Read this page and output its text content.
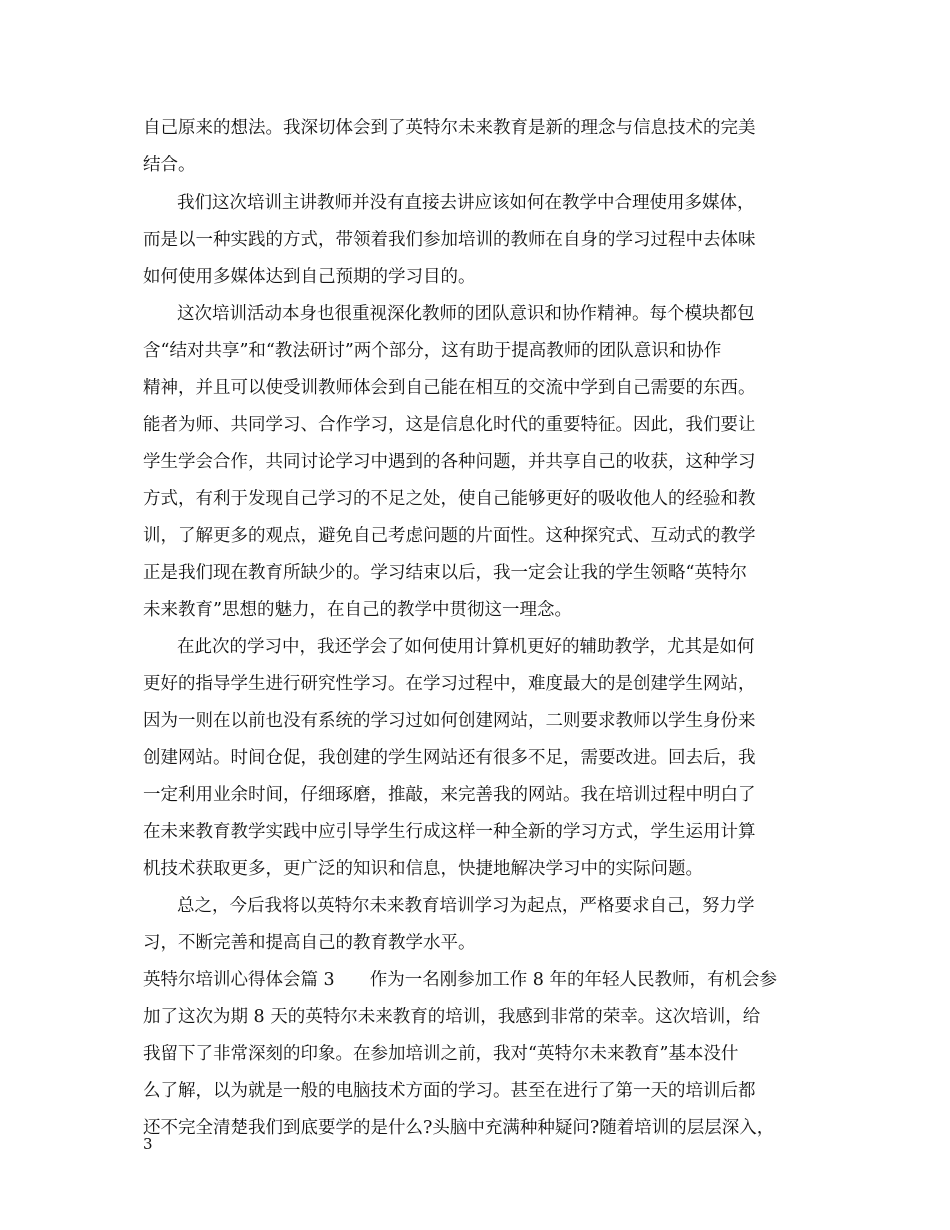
自己原来的想法。我深切体会到了英特尔未来教育是新的理念与信息技术的完美

结合。

我们这次培训主讲教师并没有直接去讲应该如何在教学中合理使用多媒体，

而是以一种实践的方式，带领着我们参加培训的教师在自身的学习过程中去体味

如何使用多媒体达到自己预期的学习目的。

这次培训活动本身也很重视深化教师的团队意识和协作精神。每个模块都包

含“结对共享”和“教法研讨”两个部分，这有助于提高教师的团队意识和协作

精神，并且可以使受训教师体会到自己能在相互的交流中学到自己需要的东西。

能者为师、共同学习、合作学习，这是信息化时代的重要特征。因此，我们要让

学生学会合作，共同讨论学习中遇到的各种问题，并共享自己的收获，这种学习

方式，有利于发现自己学习的不足之处，使自己能够更好的吸收他人的经验和教

训，了解更多的观点，避免自己考虑问题的片面性。这种探究式、互动式的教学

正是我们现在教育所缺少的。学习结束以后，我一定会让我的学生领略“英特尔

未来教育”思想的魅力，在自己的教学中贯彻这一理念。

在此次的学习中，我还学会了如何使用计算机更好的辅助教学，尤其是如何

更好的指导学生进行研究性学习。在学习过程中，难度最大的是创建学生网站，

因为一则在以前也没有系统的学习过如何创建网站，二则要求教师以学生身份来

创建网站。时间仓促，我创建的学生网站还有很多不足，需要改进。回去后，我

一定利用业余时间，仔细琢磨，推敲，来完善我的网站。我在培训过程中明白了

在未来教育教学实践中应引导学生行成这样一种全新的学习方式，学生运用计算

机技术获取更多，更广泛的知识和信息，快捷地解决学习中的实际问题。

总之，今后我将以英特尔未来教育培训学习为起点，严格要求自己，努力学

习，不断完善和提高自己的教育教学水平。

英特尔培训心得体会篇 3　　作为一名刚参加工作 8 年的年轻人民教师，有机会参

加了这次为期 8 天的英特尔未来教育的培训，我感到非常的荣幸。这次培训，给

我留下了非常深刻的印象。在参加培训之前，我对“英特尔未来教育”基本没什

么了解，以为就是一般的电脑技术方面的学习。甚至在进行了第一天的培训后都

还不完全清楚我们到底要学的是什么?头脑中充满种种疑问?随着培训的层层深入，

3
